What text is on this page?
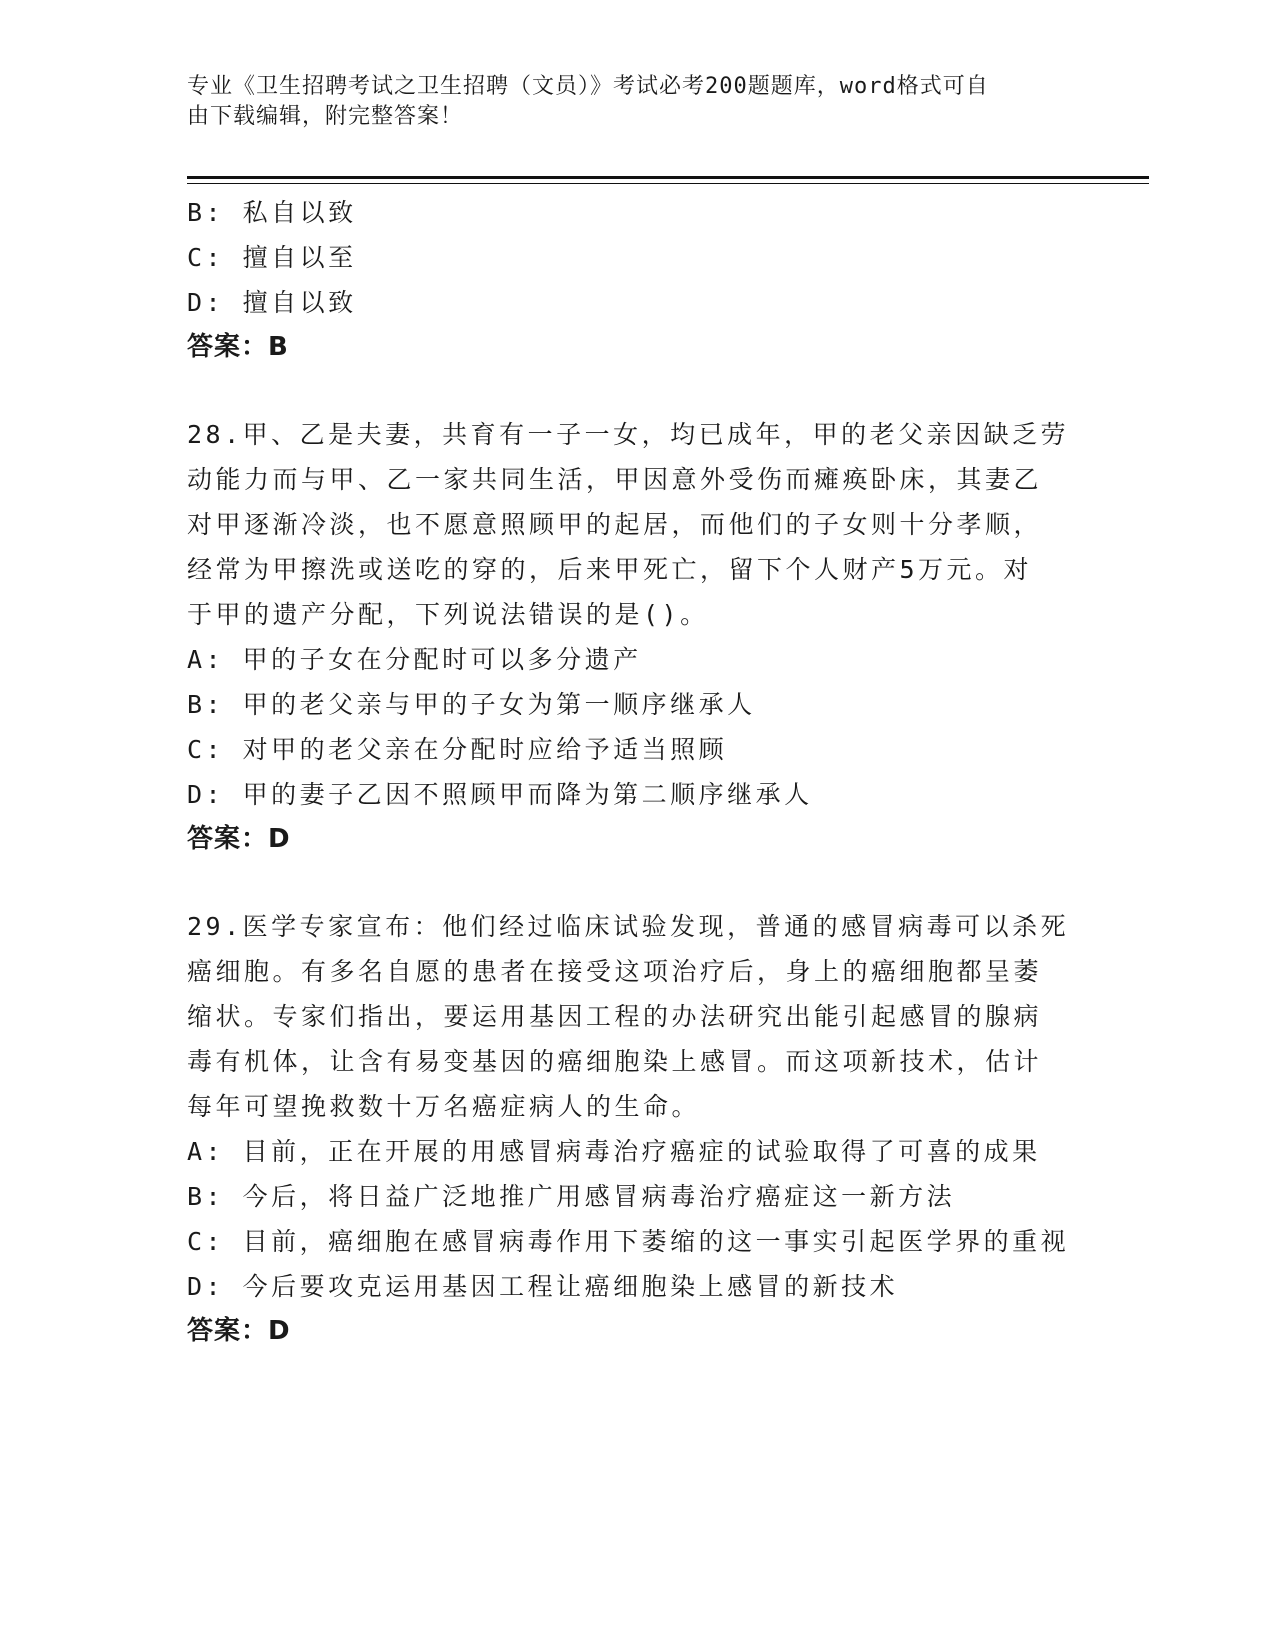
专业《卫生招聘考试之卫生招聘（文员）》考试必考200题题库，word格式可自
由下载编辑，附完整答案！
B: 私自以致
C: 擅自以至
D: 擅自以致
答案：B
28.甲、乙是夫妻，共育有一子一女，均已成年，甲的老父亲因缺乏劳
动能力而与甲、乙一家共同生活，甲因意外受伤而瘫痪卧床，其妻乙
对甲逐渐冷淡，也不愿意照顾甲的起居，而他们的子女则十分孝顺，
经常为甲擦洗或送吃的穿的，后来甲死亡，留下个人财产5万元。对
于甲的遗产分配，下列说法错误的是()。
A: 甲的子女在分配时可以多分遗产
B: 甲的老父亲与甲的子女为第一顺序继承人
C: 对甲的老父亲在分配时应给予适当照顾
D: 甲的妻子乙因不照顾甲而降为第二顺序继承人
答案：D
29.医学专家宣布：他们经过临床试验发现，普通的感冒病毒可以杀死
癌细胞。有多名自愿的患者在接受这项治疗后，身上的癌细胞都呈萎
缩状。专家们指出，要运用基因工程的办法研究出能引起感冒的腺病
毒有机体，让含有易变基因的癌细胞染上感冒。而这项新技术，估计
每年可望挽救数十万名癌症病人的生命。
A: 目前，正在开展的用感冒病毒治疗癌症的试验取得了可喜的成果
B: 今后，将日益广泛地推广用感冒病毒治疗癌症这一新方法
C: 目前，癌细胞在感冒病毒作用下萎缩的这一事实引起医学界的重视
D: 今后要攻克运用基因工程让癌细胞染上感冒的新技术
答案：D
